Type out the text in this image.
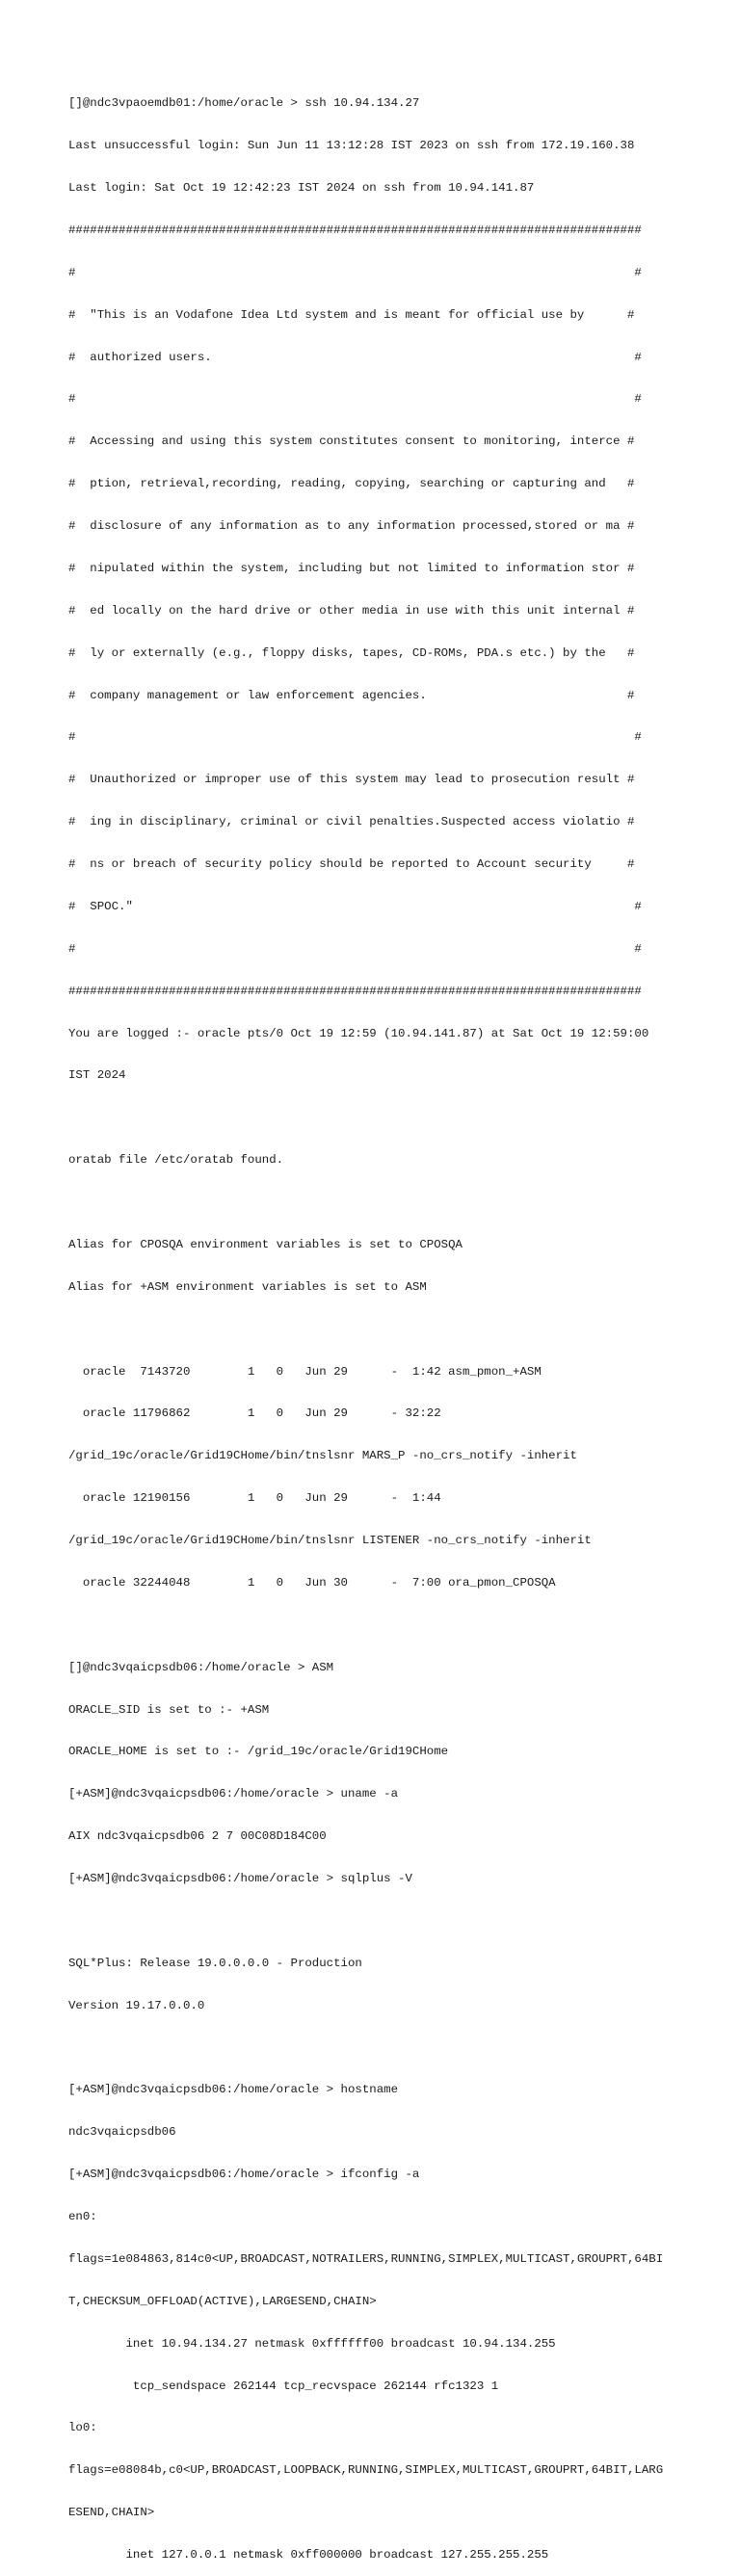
[]@ndc3vpaoemdb01:/home/oracle > ssh 10.94.134.27

Last unsuccessful login: Sun Jun 11 13:12:28 IST 2023 on ssh from 172.19.160.38

Last login: Sat Oct 19 12:42:23 IST 2024 on ssh from 10.94.141.87

################################################################################

#                                                                              #

#  "This is an Vodafone Idea Ltd system and is meant for official use by      #

#  authorized users.                                                           #

#                                                                              #

#  Accessing and using this system constitutes consent to monitoring, interce #

#  ption, retrieval,recording, reading, copying, searching or capturing and   #

#  disclosure of any information as to any information processed,stored or ma #

#  nipulated within the system, including but not limited to information stor #

#  ed locally on the hard drive or other media in use with this unit internal #

#  ly or externally (e.g., floppy disks, tapes, CD-ROMs, PDA.s etc.) by the   #

#  company management or law enforcement agencies.                            #

#                                                                              #

#  Unauthorized or improper use of this system may lead to prosecution result #

#  ing in disciplinary, criminal or civil penalties.Suspected access violatio #

#  ns or breach of security policy should be reported to Account security     #

#  SPOC."                                                                      #

#                                                                              #

################################################################################

You are logged :- oracle pts/0 Oct 19 12:59 (10.94.141.87) at Sat Oct 19 12:59:00

IST 2024

oratab file /etc/oratab found.

Alias for CPOSQA environment variables is set to CPOSQA

Alias for +ASM environment variables is set to ASM

oracle  7143720        1   0   Jun 29      -  1:42 asm_pmon_+ASM

oracle 11796862        1   0   Jun 29      - 32:22

/grid_19c/oracle/Grid19CHome/bin/tnslsnr MARS_P -no_crs_notify -inherit

oracle 12190156        1   0   Jun 29      -  1:44

/grid_19c/oracle/Grid19CHome/bin/tnslsnr LISTENER -no_crs_notify -inherit

oracle 32244048        1   0   Jun 30      -  7:00 ora_pmon_CPOSQA

[]@ndc3vqaicpsdb06:/home/oracle > ASM

ORACLE_SID is set to :- +ASM

ORACLE_HOME is set to :- /grid_19c/oracle/Grid19CHome

[+ASM]@ndc3vqaicpsdb06:/home/oracle > uname -a

AIX ndc3vqaicpsdb06 2 7 00C08D184C00

[+ASM]@ndc3vqaicpsdb06:/home/oracle > sqlplus -V

SQL*Plus: Release 19.0.0.0.0 - Production

Version 19.17.0.0.0

[+ASM]@ndc3vqaicpsdb06:/home/oracle > hostname

ndc3vqaicpsdb06

[+ASM]@ndc3vqaicpsdb06:/home/oracle > ifconfig -a

en0:

flags=1e084863,814c0<UP,BROADCAST,NOTRAILERS,RUNNING,SIMPLEX,MULTICAST,GROUPRT,64BI

T,CHECKSUM_OFFLOAD(ACTIVE),LARGESEND,CHAIN>

inet 10.94.134.27 netmask 0xffffff00 broadcast 10.94.134.255

tcp_sendspace 262144 tcp_recvspace 262144 rfc1323 1

lo0:

flags=e08084b,c0<UP,BROADCAST,LOOPBACK,RUNNING,SIMPLEX,MULTICAST,GROUPRT,64BIT,LARG

ESEND,CHAIN>

inet 127.0.0.1 netmask 0xff000000 broadcast 127.255.255.255
